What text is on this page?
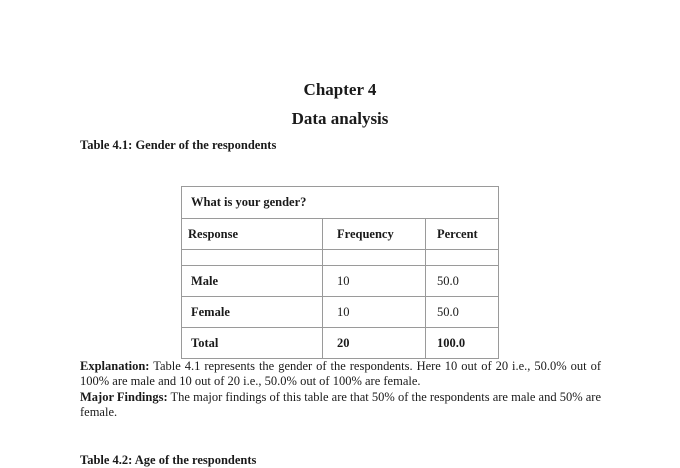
Chapter 4
Data analysis
Table 4.1: Gender of the respondents
What is your gender?		
Response	Frequency	Percent

Male	10	50.0
Female	10	50.0
Total	20	100.0

Explanation: Table 4.1 represents the gender of the respondents. Here 10 out of 20 i.e., 50.0% out of 100% are male and 10 out of 20 i.e., 50.0% out of 100% are female.

Major Findings: The major findings of this table are that 50% of the respondents are male and 50% are female.

Table 4.2: Age of the respondents
